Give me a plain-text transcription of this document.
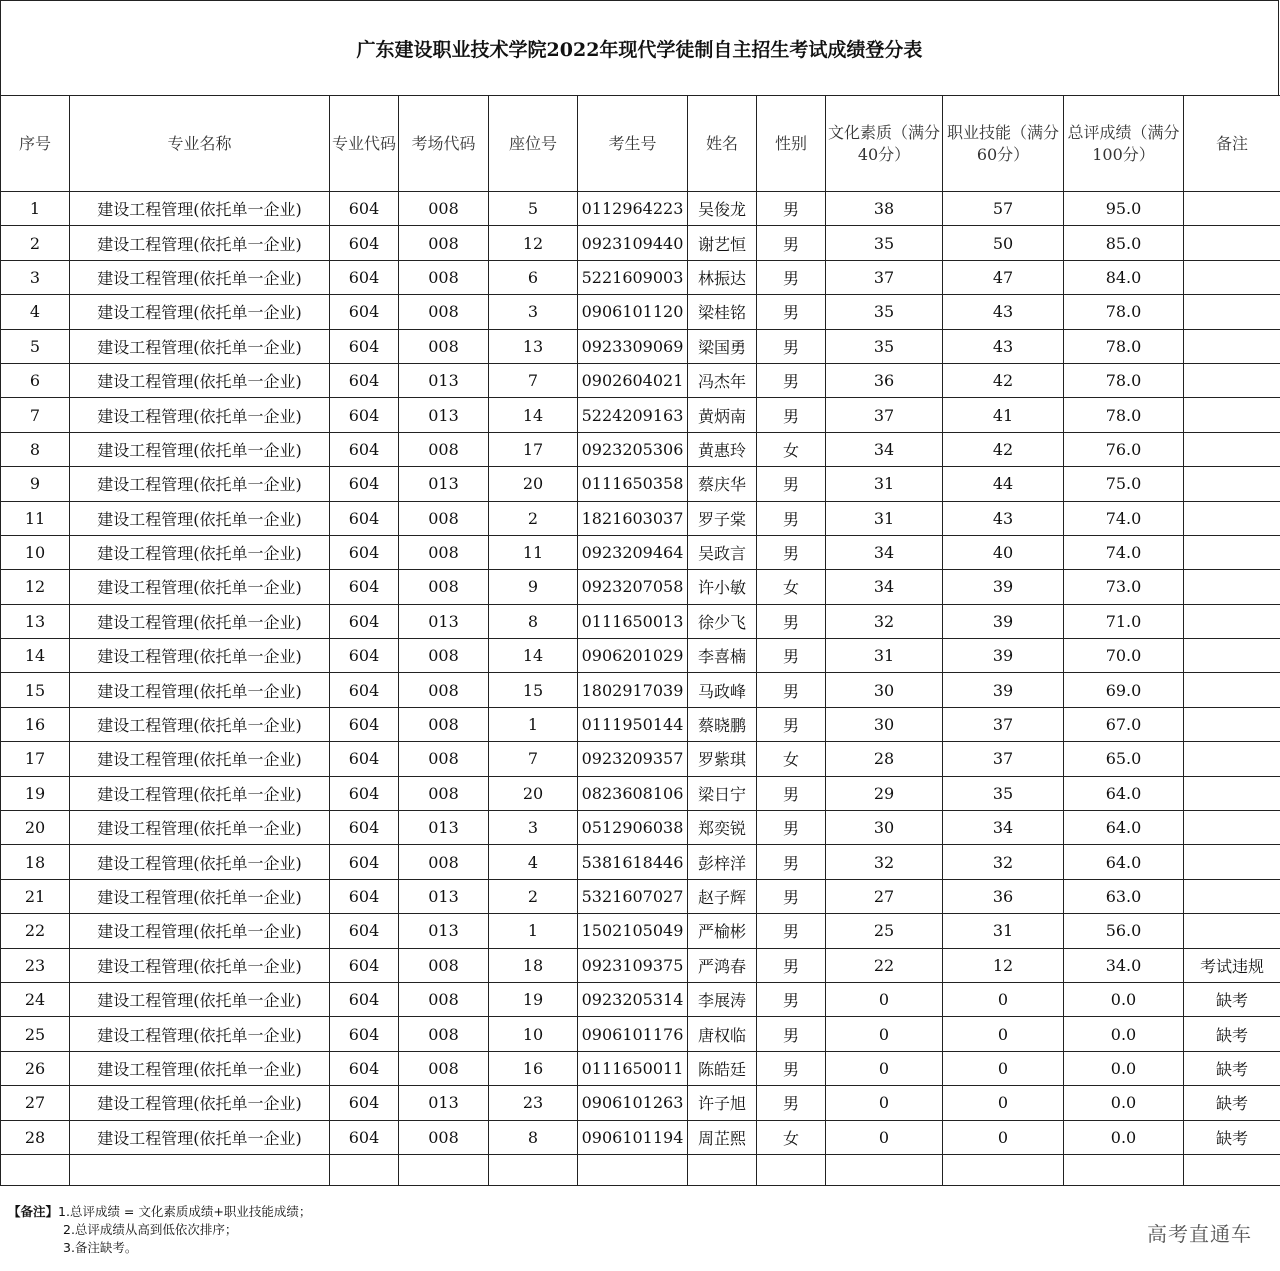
广东建设职业技术学院2022年现代学徒制自主招生考试成绩登分表
序号	专业名称	专业代码	考场代码	座位号	考生号	姓名	性别	文化素质（满分40分）	职业技能（满分60分）	总评成绩（满分100分）	备注
1	建设工程管理(依托单一企业)	604	008	5	0112964223	吴俊龙	男	38	57	95.0	
2	建设工程管理(依托单一企业)	604	008	12	0923109440	谢艺恒	男	35	50	85.0	
3	建设工程管理(依托单一企业)	604	008	6	5221609003	林振达	男	37	47	84.0	
4	建设工程管理(依托单一企业)	604	008	3	0906101120	梁桂铭	男	35	43	78.0	
5	建设工程管理(依托单一企业)	604	008	13	0923309069	梁国勇	男	35	43	78.0	
6	建设工程管理(依托单一企业)	604	013	7	0902604021	冯杰年	男	36	42	78.0	
7	建设工程管理(依托单一企业)	604	013	14	5224209163	黄炳南	男	37	41	78.0	
8	建设工程管理(依托单一企业)	604	008	17	0923205306	黄惠玲	女	34	42	76.0	
9	建设工程管理(依托单一企业)	604	013	20	0111650358	蔡庆华	男	31	44	75.0	
11	建设工程管理(依托单一企业)	604	008	2	1821603037	罗子棠	男	31	43	74.0	
10	建设工程管理(依托单一企业)	604	008	11	0923209464	吴政言	男	34	40	74.0	
12	建设工程管理(依托单一企业)	604	008	9	0923207058	许小敏	女	34	39	73.0	
13	建设工程管理(依托单一企业)	604	013	8	0111650013	徐少飞	男	32	39	71.0	
14	建设工程管理(依托单一企业)	604	008	14	0906201029	李喜楠	男	31	39	70.0	
15	建设工程管理(依托单一企业)	604	008	15	1802917039	马政峰	男	30	39	69.0	
16	建设工程管理(依托单一企业)	604	008	1	0111950144	蔡晓鹏	男	30	37	67.0	
17	建设工程管理(依托单一企业)	604	008	7	0923209357	罗紫琪	女	28	37	65.0	
19	建设工程管理(依托单一企业)	604	008	20	0823608106	梁日宁	男	29	35	64.0	
20	建设工程管理(依托单一企业)	604	013	3	0512906038	郑奕锐	男	30	34	64.0	
18	建设工程管理(依托单一企业)	604	008	4	5381618446	彭梓洋	男	32	32	64.0	
21	建设工程管理(依托单一企业)	604	013	2	5321607027	赵子辉	男	27	36	63.0	
22	建设工程管理(依托单一企业)	604	013	1	1502105049	严榆彬	男	25	31	56.0	
23	建设工程管理(依托单一企业)	604	008	18	0923109375	严鸿春	男	22	12	34.0	考试违规
24	建设工程管理(依托单一企业)	604	008	19	0923205314	李展涛	男	0	0	0.0	缺考
25	建设工程管理(依托单一企业)	604	008	10	0906101176	唐权临	男	0	0	0.0	缺考
26	建设工程管理(依托单一企业)	604	008	16	0111650011	陈皓廷	男	0	0	0.0	缺考
27	建设工程管理(依托单一企业)	604	013	23	0906101263	许子旭	男	0	0	0.0	缺考
28	建设工程管理(依托单一企业)	604	008	8	0906101194	周芷熙	女	0	0	0.0	缺考

【备注】1.总评成绩 = 文化素质成绩+职业技能成绩；
2.总评成绩从高到低依次排序；
3.备注缺考。
高考直通车
